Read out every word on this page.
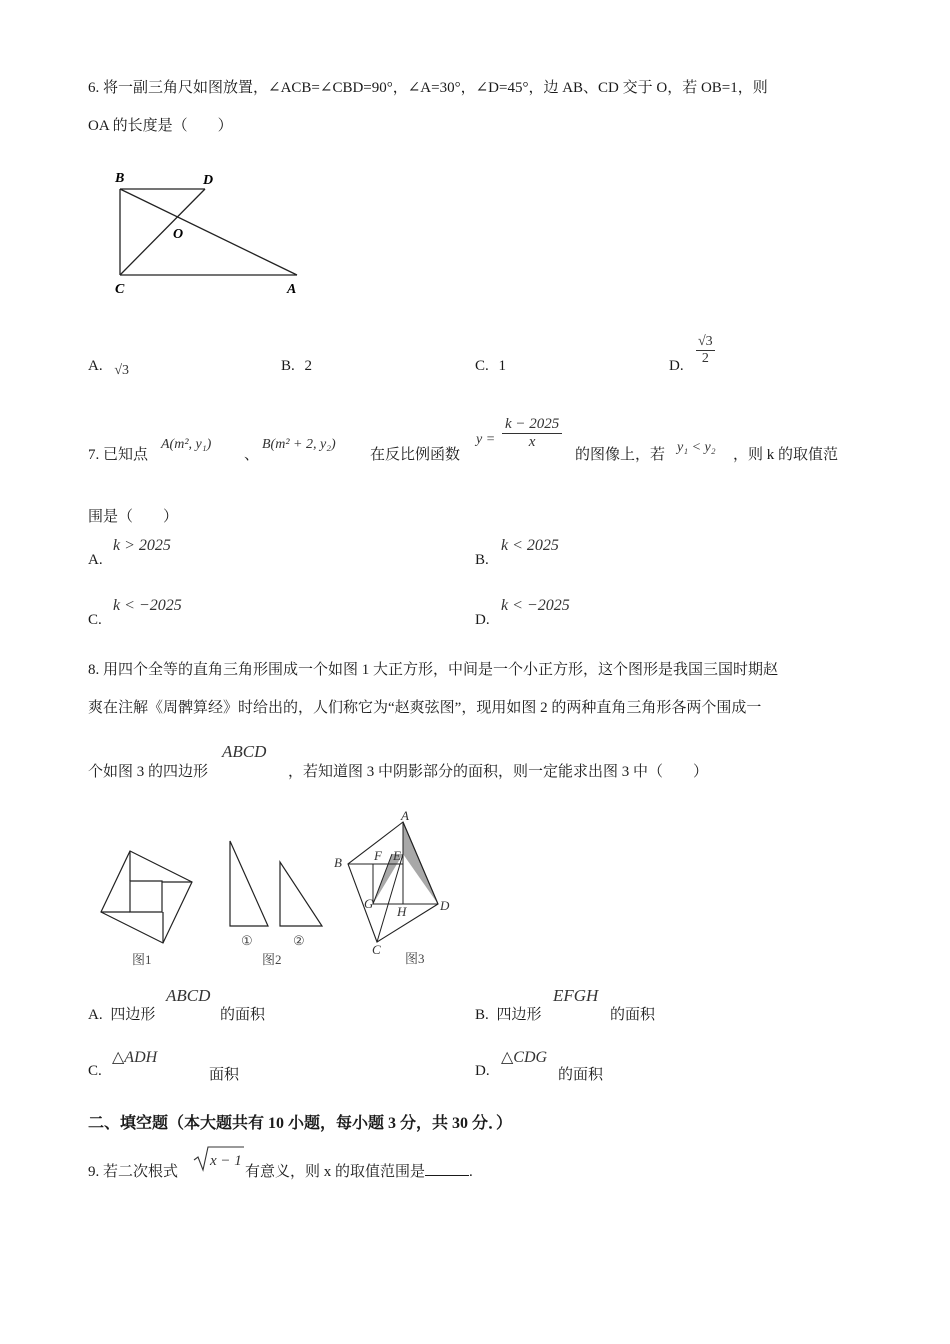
6. 将一副三角尺如图放置，∠ACB=∠CBD=90°，∠A=30°，∠D=45°，边 AB、CD 交于 O，若 OB=1，则
OA 的长度是（　　）
B	D
O
C	A
A. √3	B. 2	C. 1	D. $\frac{√3}{2}$
7. 已知点
A(m², y₁)
、
B(m² + 2, y₂)
在反比例函数
$y = \frac{k - 2025}{x}$
的图像上，若 y₁ < y₂ ，则 k 的取值范
围是（　　）
A.
k > 2025
B.
k < 2025
C.
k < −2025
D.
k < −2025
8. 用四个全等的直角三角形围成一个如图 1 大正方形，中间是一个小正方形，这个图形是我国三国时期赵
爽在注解《周髀算经》时给出的，人们称它为“赵爽弦图”，现用如图 2 的两种直角三角形各两个围成一
个如图 3 的四边形
ABCD
，若知道图 3 中阴影部分的面积，则一定能求出图 3 中（　　）
图1
①	②
图2
A
B F E
G
H	D
C
图3
A. 四边形
ABCD
的面积	B. 四边形
EFGH
的面积
C.
△ADH
面积	D.
△CDG
的面积
二、填空题（本大题共有 10 小题，每小题 3 分，共 30 分．）
9. 若二次根式
x − 1
有意义，则 x 的取值范围是	.
